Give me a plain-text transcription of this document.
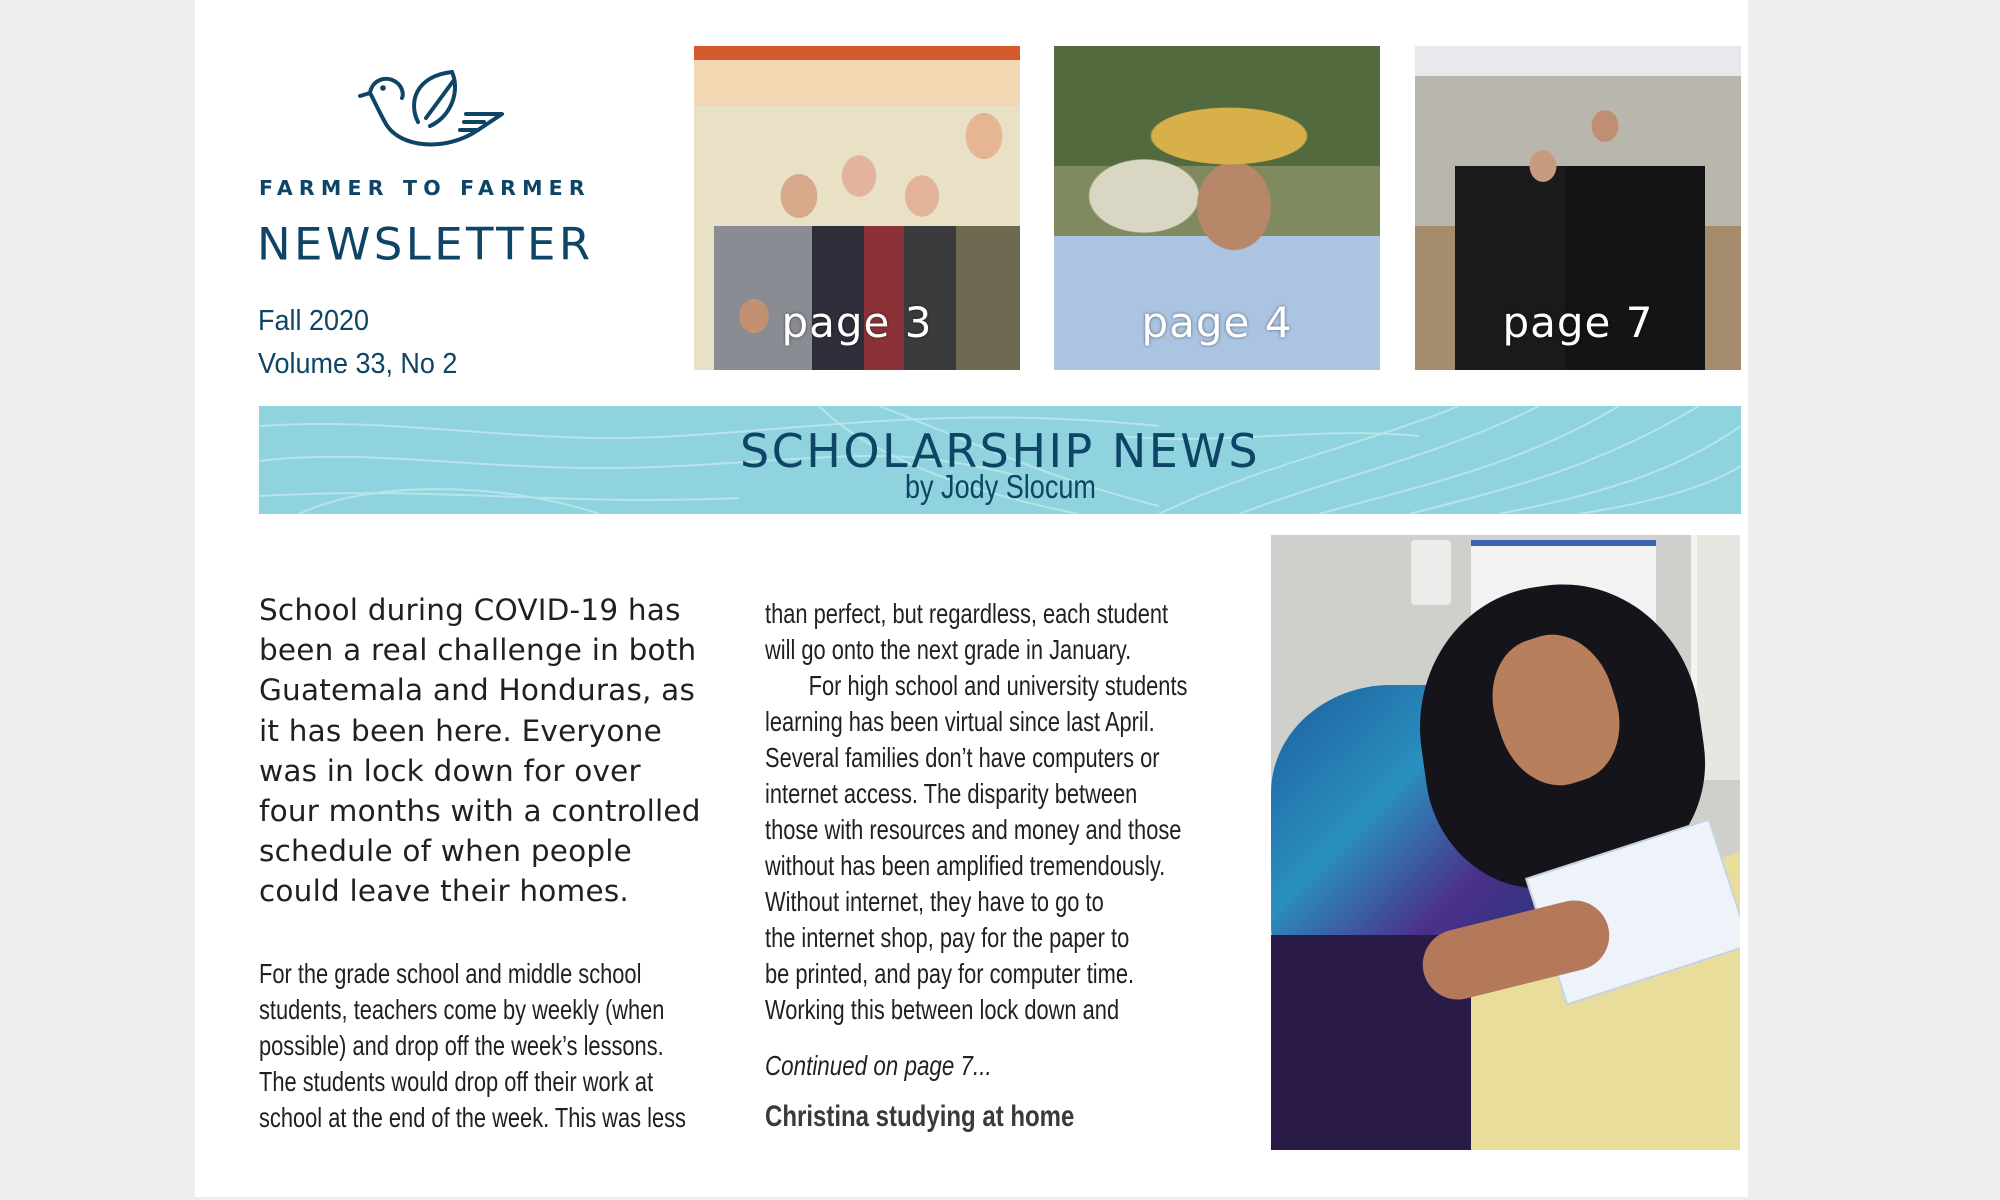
FARMER TO FARMER
NEWSLETTER
Fall 2020
Volume 33, No 2
page 3	page 4	page 7
SCHOLARSHIP NEWS
by Jody Slocum
School during COVID-19 has
been a real challenge in both
Guatemala and Honduras, as
it has been here. Everyone
was in lock down for over
four months with a controlled
schedule of when people
could leave their homes.
For the grade school and middle school
students, teachers come by weekly (when
possible) and drop off the week’s lessons.
The students would drop off their work at
school at the end of the week. This was less
than perfect, but regardless, each student
will go onto the next grade in January.
  For high school and university students
learning has been virtual since last April.
Several families don’t have computers or
internet access. The disparity between
those with resources and money and those
without has been amplified tremendously.
Without internet, they have to go to
the internet shop, pay for the paper to
be printed, and pay for computer time.
Working this between lock down and
Continued on page 7...
Christina studying at home
